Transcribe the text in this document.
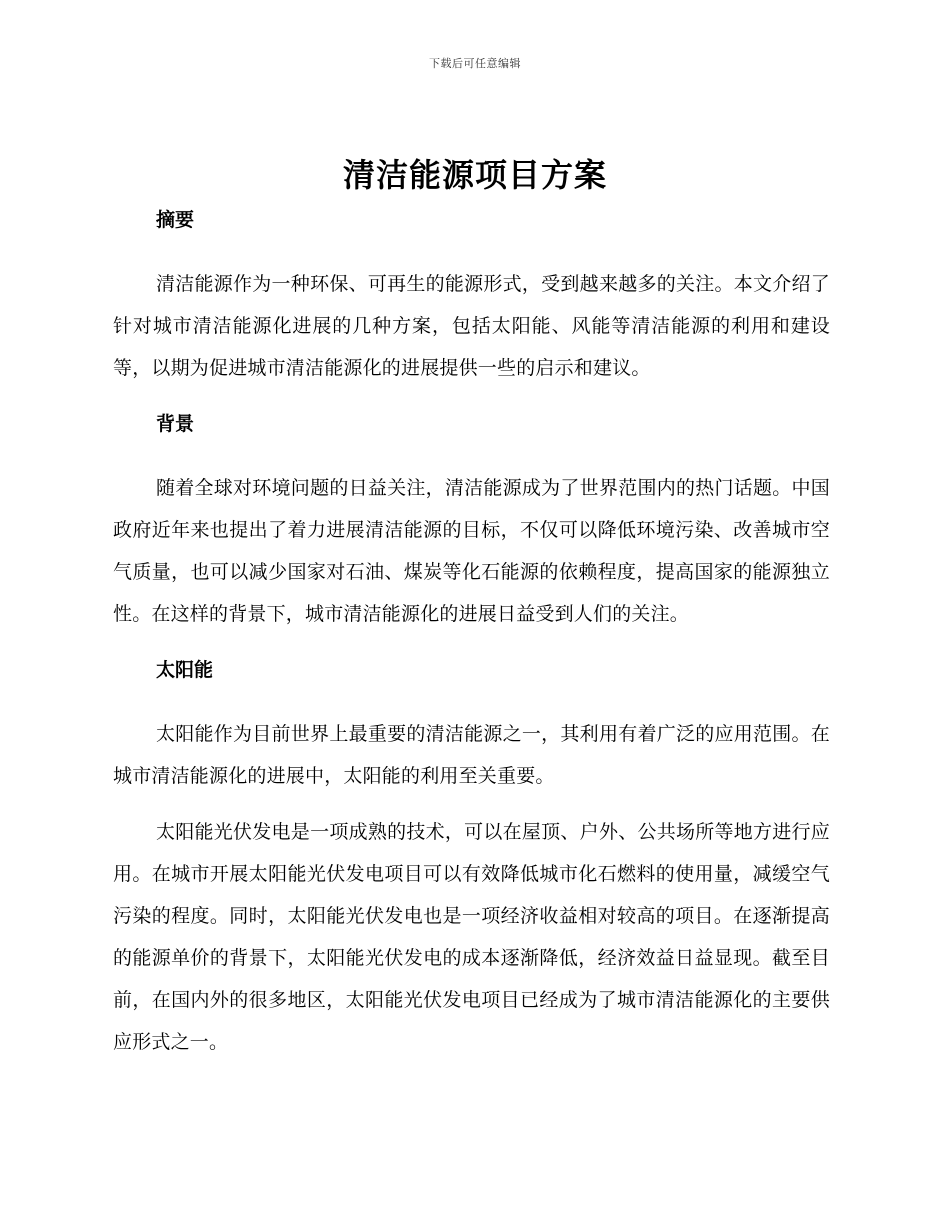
下载后可任意编辑
清洁能源项目方案
摘要

清洁能源作为一种环保、可再生的能源形式，受到越来越多的关注。本文介绍了针对城市清洁能源化进展的几种方案，包括太阳能、风能等清洁能源的利用和建设等，以期为促进城市清洁能源化的进展提供一些的启示和建议。

背景

随着全球对环境问题的日益关注，清洁能源成为了世界范围内的热门话题。中国政府近年来也提出了着力进展清洁能源的目标，不仅可以降低环境污染、改善城市空气质量，也可以减少国家对石油、煤炭等化石能源的依赖程度，提高国家的能源独立性。在这样的背景下，城市清洁能源化的进展日益受到人们的关注。

太阳能

太阳能作为目前世界上最重要的清洁能源之一，其利用有着广泛的应用范围。在城市清洁能源化的进展中，太阳能的利用至关重要。

太阳能光伏发电是一项成熟的技术，可以在屋顶、户外、公共场所等地方进行应用。在城市开展太阳能光伏发电项目可以有效降低城市化石燃料的使用量，减缓空气污染的程度。同时，太阳能光伏发电也是一项经济收益相对较高的项目。在逐渐提高的能源单价的背景下，太阳能光伏发电的成本逐渐降低，经济效益日益显现。截至目前，在国内外的很多地区，太阳能光伏发电项目已经成为了城市清洁能源化的主要供应形式之一。
